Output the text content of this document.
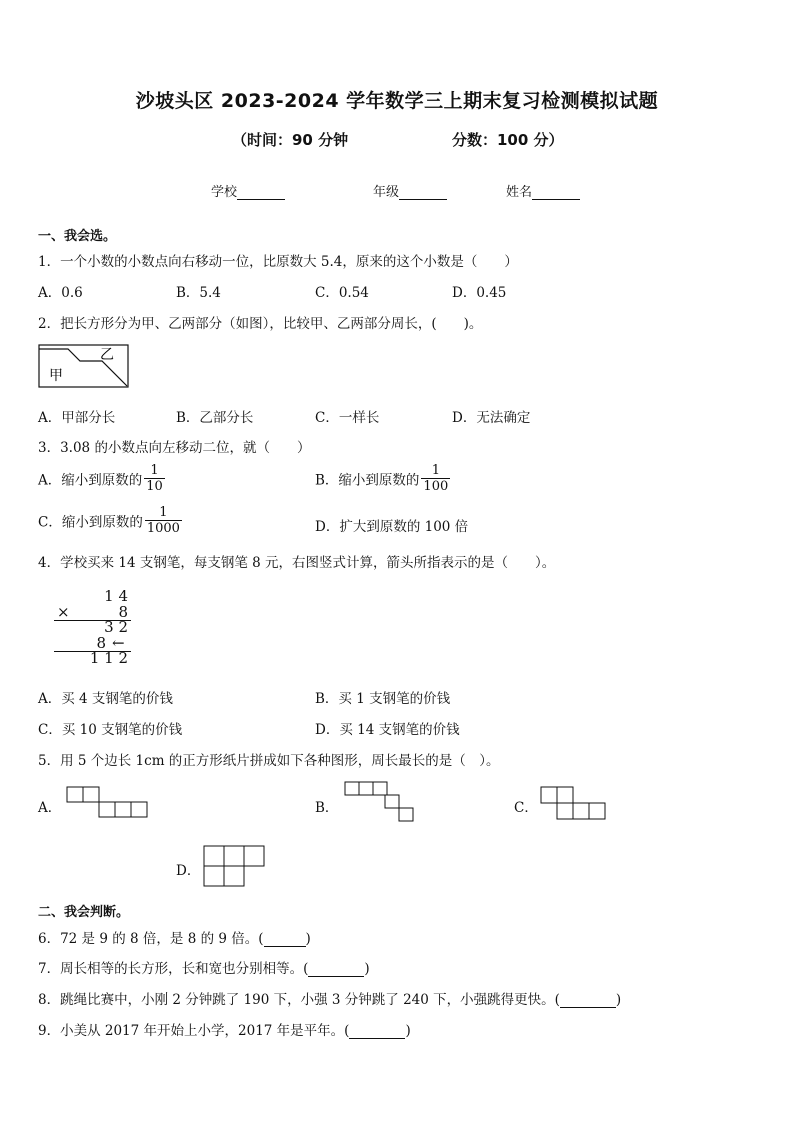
沙坡头区 2023-2024 学年数学三上期末复习检测模拟试题
（时间：90 分钟	分数：100 分）
学校	年级	姓名
一、我会选。
1．一个小数的小数点向右移动一位，比原数大 5.4，原来的这个小数是（　　）
A．0.6	B．5.4	C．0.54	D．0.45
2．把长方形分为甲、乙两部分（如图），比较甲、乙两部分周长，(　　)。
甲
乙
A．甲部分长	B．乙部分长	C．一样长	D．无法确定
3．3.08 的小数点向左移动二位，就（　　）
A．缩小到原数的 $\frac{1}{10}$	B．缩小到原数的 $\frac{1}{100}$
C．缩小到原数的 $\frac{1}{1000}$	D．扩大到原数的 100 倍
4．学校买来 14 支钢笔，每支钢笔 8 元，右图竖式计算，箭头所指表示的是（　　）。
1 4
×	8
3 2
8 ←
1 1 2
A．买 4 支钢笔的价钱	B．买 1 支钢笔的价钱
C．买 10 支钢笔的价钱	D．买 14 支钢笔的价钱
5．用 5 个边长 1cm 的正方形纸片拼成如下各种图形，周长最长的是（　）。
A．	B．	C．
D．
二、我会判断。
6．72 是 9 的 8 倍，是 8 的 9 倍。(	)
7．周长相等的长方形，长和宽也分别相等。(	)
8．跳绳比赛中，小刚 2 分钟跳了 190 下，小强 3 分钟跳了 240 下，小强跳得更快。(	)
9．小美从 2017 年开始上小学，2017 年是平年。(	)
